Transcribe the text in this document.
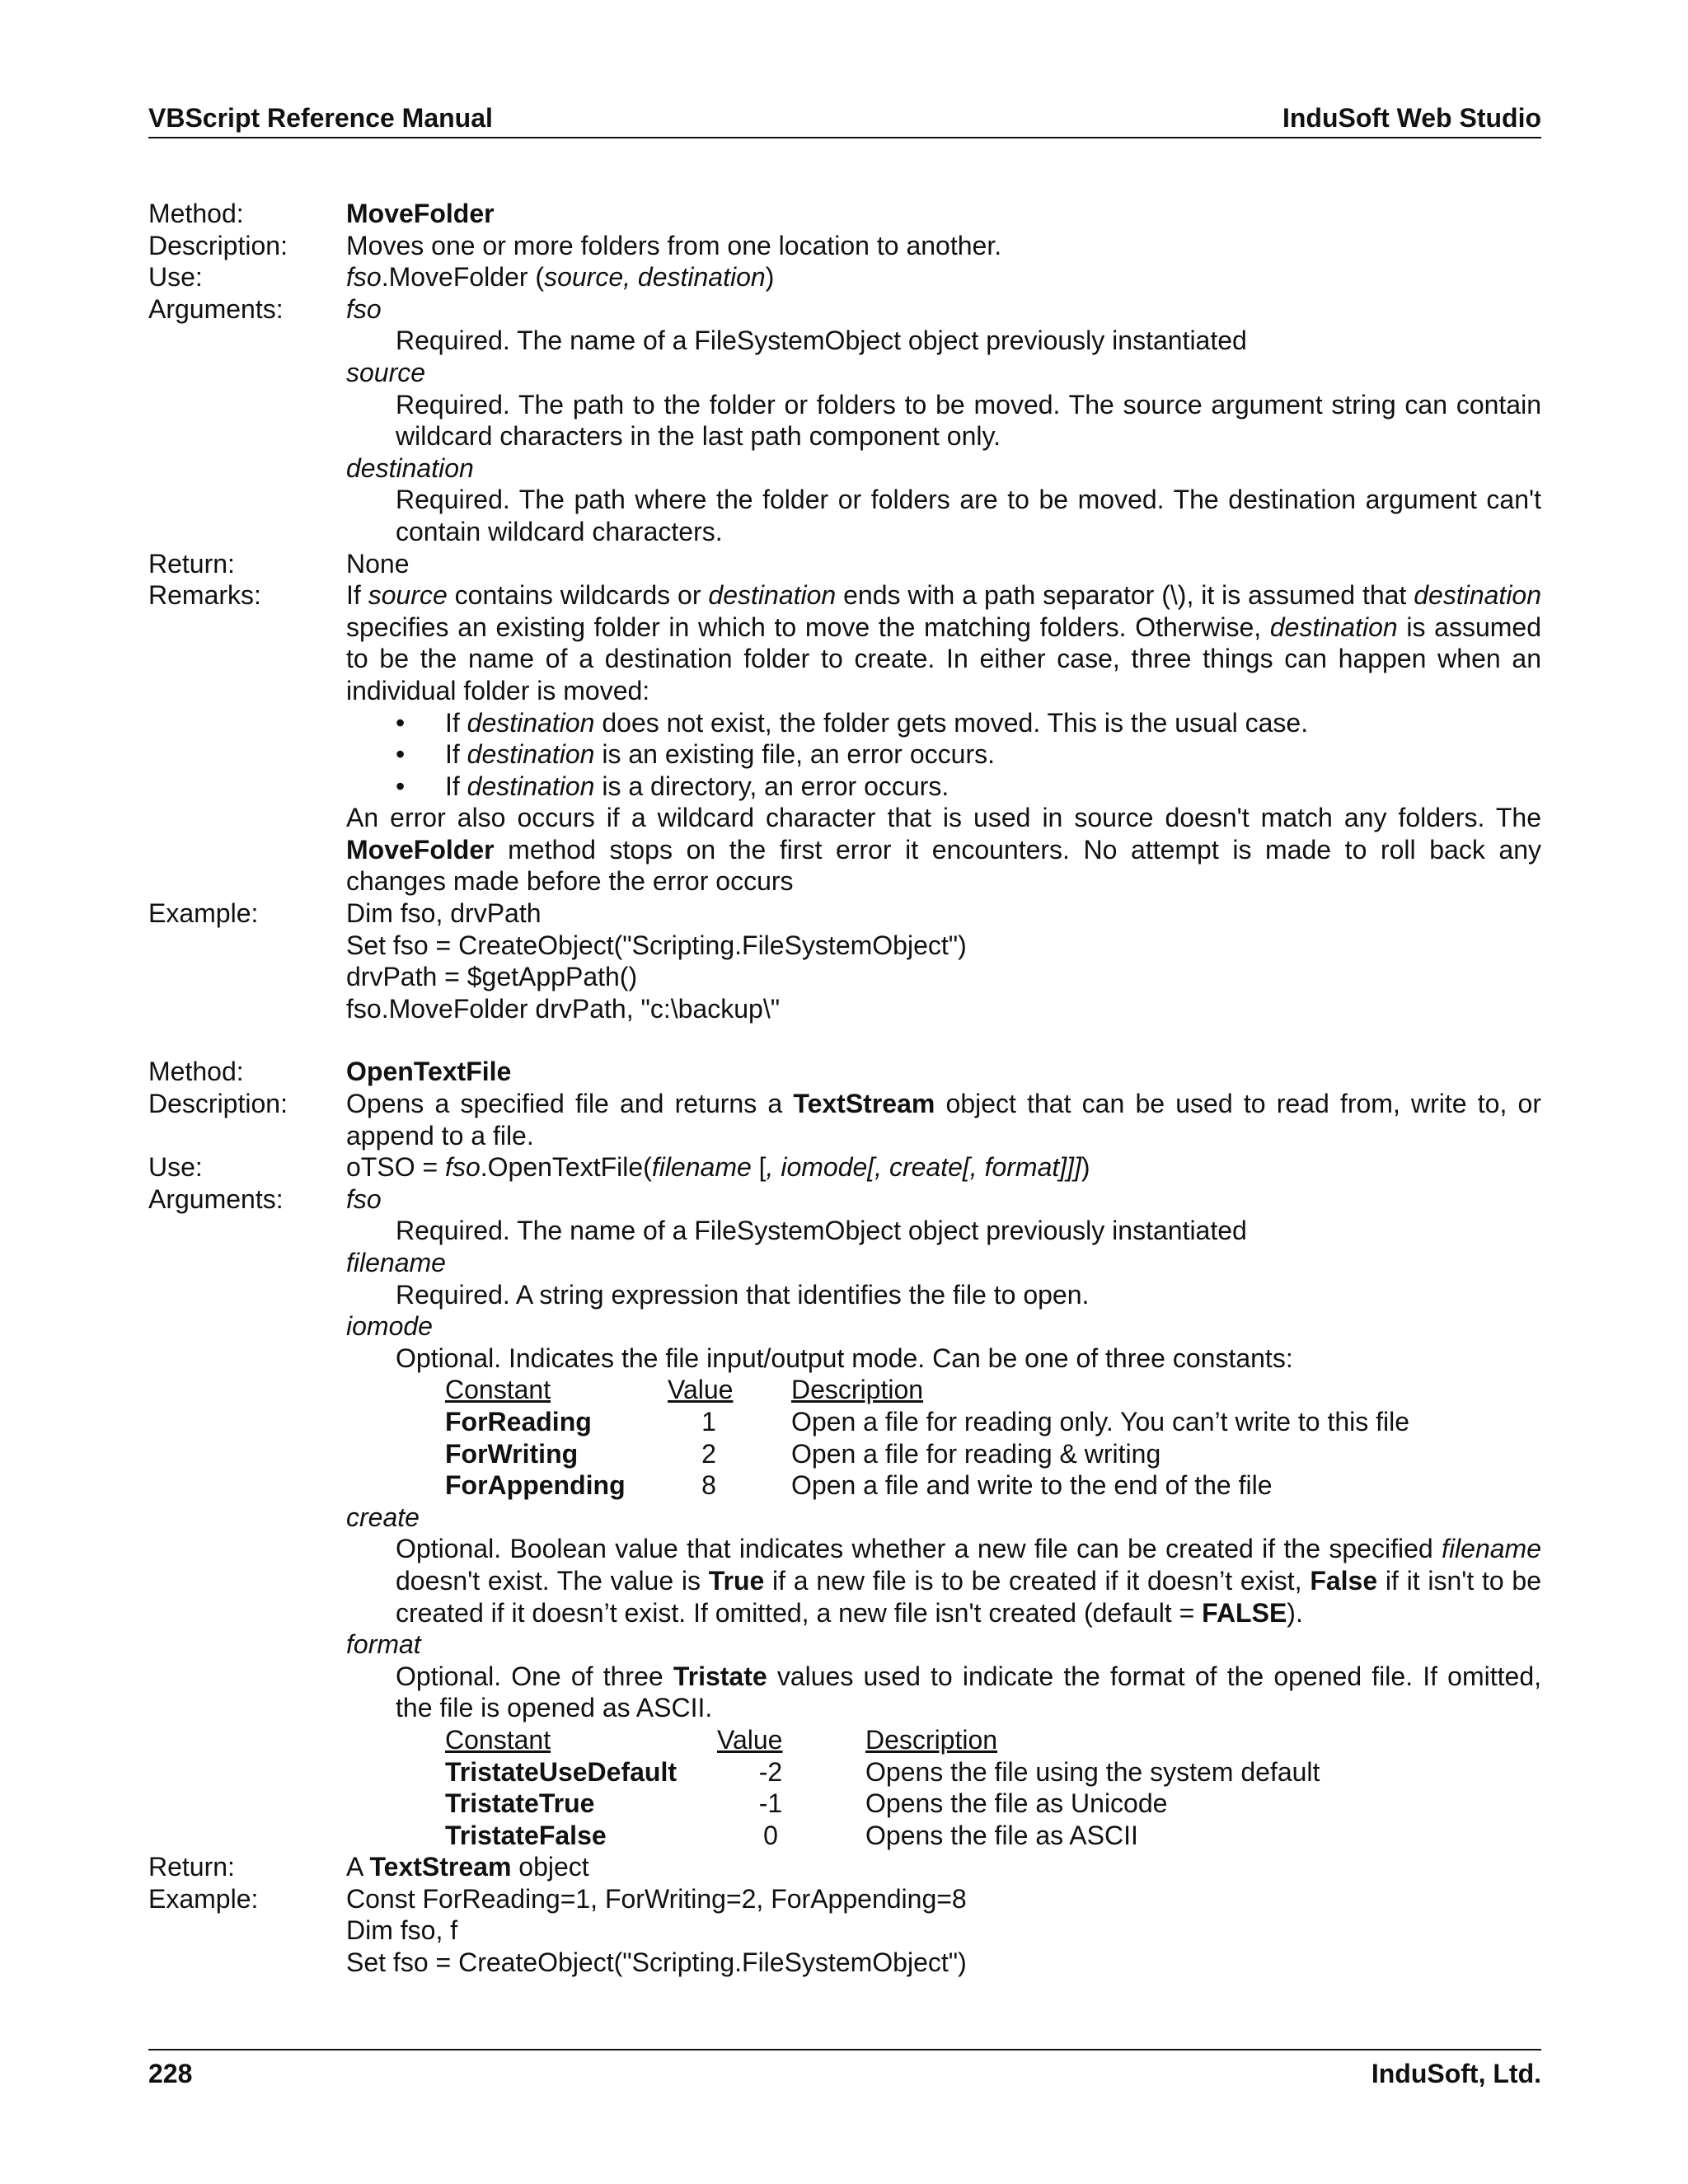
VBScript Reference Manual	InduSoft Web Studio
Method:	MoveFolder
Description:	Moves one or more folders from one location to another.
Use:	fso.MoveFolder (source, destination)
Arguments:	fso
Required. The name of a FileSystemObject object previously instantiated
source
Required. The path to the folder or folders to be moved. The source argument string can contain wildcard characters in the last path component only.
destination
Required. The path where the folder or folders are to be moved. The destination argument can't contain wildcard characters.
Return:	None
Remarks:	If source contains wildcards or destination ends with a path separator (\), it is assumed that destination specifies an existing folder in which to move the matching folders. Otherwise, destination is assumed to be the name of a destination folder to create. In either case, three things can happen when an individual folder is moved:
• If destination does not exist, the folder gets moved. This is the usual case.
• If destination is an existing file, an error occurs.
• If destination is a directory, an error occurs.
An error also occurs if a wildcard character that is used in source doesn't match any folders. The MoveFolder method stops on the first error it encounters. No attempt is made to roll back any changes made before the error occurs
Example:	Dim fso, drvPath
Set fso = CreateObject("Scripting.FileSystemObject")
drvPath = $getAppPath()
fso.MoveFolder drvPath, "c:\backup\"
Method:	OpenTextFile
Description:	Opens a specified file and returns a TextStream object that can be used to read from, write to, or append to a file.
Use:	oTSO = fso.OpenTextFile(filename [, iomode[, create[, format]]])
Arguments:	fso
Required. The name of a FileSystemObject object previously instantiated
filename
Required. A string expression that identifies the file to open.
iomode
Optional. Indicates the file input/output mode. Can be one of three constants:
Constant	Value	Description
ForReading	1	Open a file for reading only. You can’t write to this file
ForWriting	2	Open a file for reading & writing
ForAppending	8	Open a file and write to the end of the file
create
Optional. Boolean value that indicates whether a new file can be created if the specified filename doesn't exist. The value is True if a new file is to be created if it doesn’t exist, False if it isn't to be created if it doesn’t exist. If omitted, a new file isn't created (default = FALSE).
format
Optional. One of three Tristate values used to indicate the format of the opened file. If omitted, the file is opened as ASCII.
Constant	Value	Description
TristateUseDefault	-2	Opens the file using the system default
TristateTrue	-1	Opens the file as Unicode
TristateFalse	0	Opens the file as ASCII
Return:	A TextStream object
Example:	Const ForReading=1, ForWriting=2, ForAppending=8
Dim fso, f
Set fso = CreateObject("Scripting.FileSystemObject")
228	InduSoft, Ltd.
